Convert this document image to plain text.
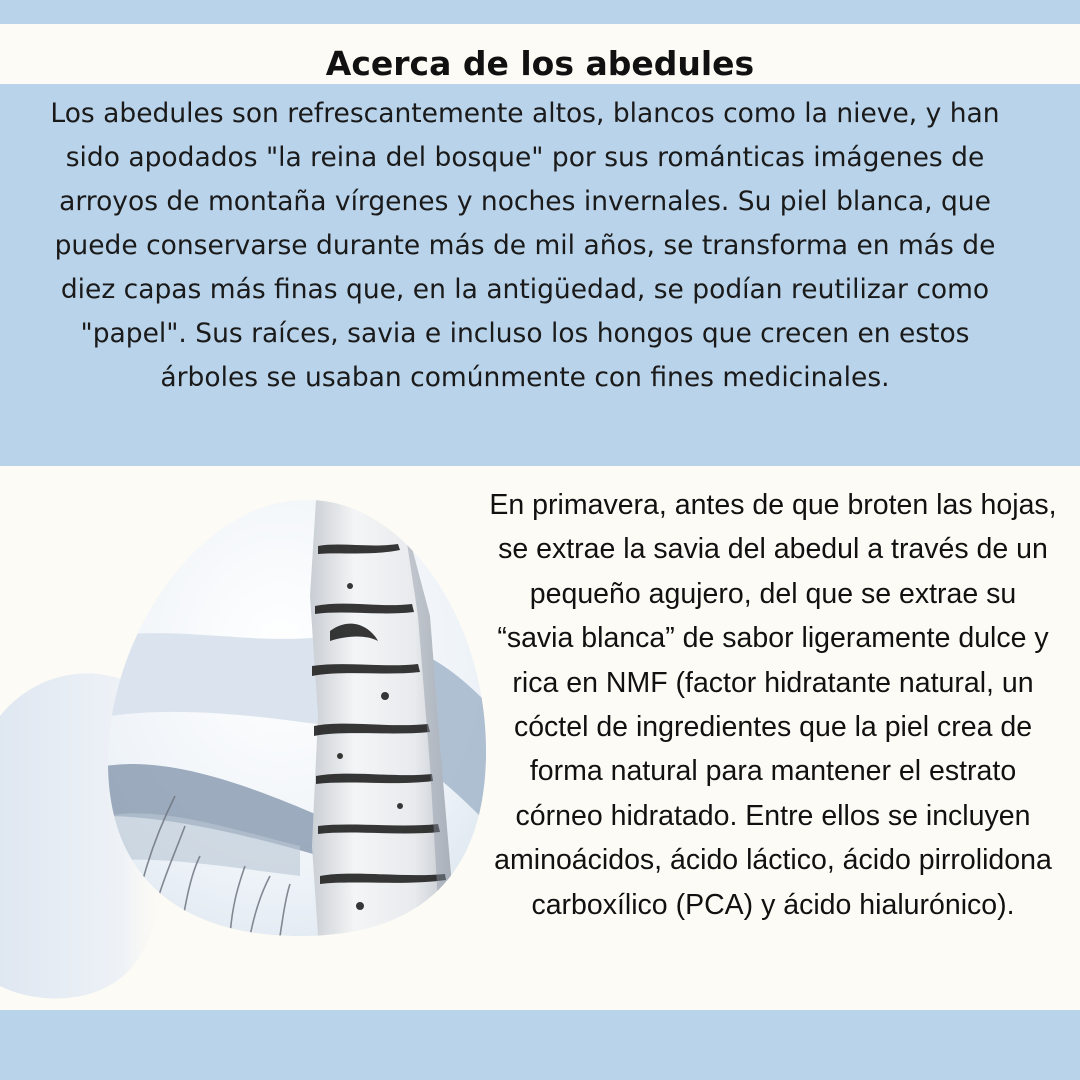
Acerca de los abedules

Los abedules son refrescantemente altos, blancos como la nieve, y han sido apodados "la reina del bosque" por sus románticas imágenes de arroyos de montaña vírgenes y noches invernales. Su piel blanca, que puede conservarse durante más de mil años, se transforma en más de diez capas más finas que, en la antigüedad, se podían reutilizar como "papel". Sus raíces, savia e incluso los hongos que crecen en estos árboles se usaban comúnmente con fines medicinales.

En primavera, antes de que broten las hojas, se extrae la savia del abedul a través de un pequeño agujero, del que se extrae su “savia blanca” de sabor ligeramente dulce y rica en NMF (factor hidratante natural, un cóctel de ingredientes que la piel crea de forma natural para mantener el estrato córneo hidratado. Entre ellos se incluyen aminoácidos, ácido láctico, ácido pirrolidona carboxílico (PCA) y ácido hialurónico).
